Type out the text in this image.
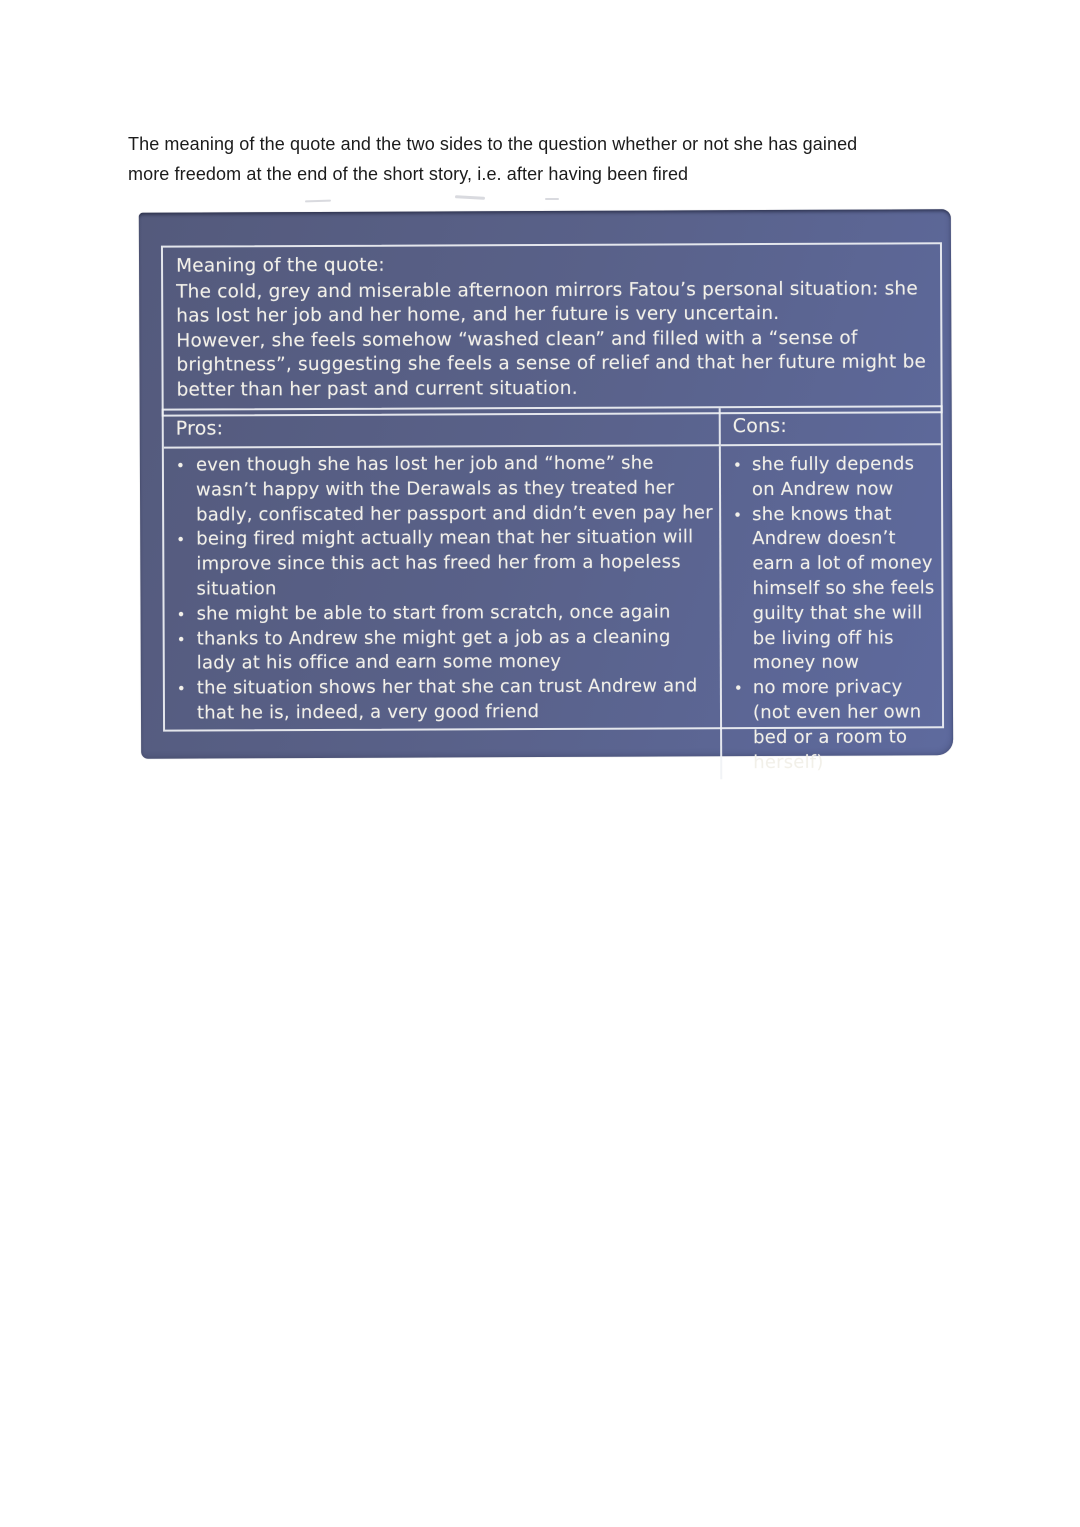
The meaning of the quote and the two sides to the question whether or not she has gained
more freedom at the end of the short story, i.e. after having been fired
Meaning of the quote:
The cold, grey and miserable afternoon mirrors Fatou’s personal situation: she has lost her job and her home, and her future is very uncertain.
However, she feels somehow “washed clean” and filled with a “sense of brightness”, suggesting she feels a sense of relief and that her future might be better than her past and current situation.
Pros:	Cons:
• even though she has lost her job and “home” she wasn’t happy with the Derawals as they treated her badly, confiscated her passport and didn’t even pay her
• being fired might actually mean that her situation will improve since this act has freed her from a hopeless situation
• she might be able to start from scratch, once again
• thanks to Andrew she might get a job as a cleaning lady at his office and earn some money
• the situation shows her that she can trust Andrew and that he is, indeed, a very good friend
• she fully depends on Andrew now
• she knows that Andrew doesn’t earn a lot of money himself so she feels guilty that she will be living off his money now
• no more privacy (not even her own bed or a room to herself)
